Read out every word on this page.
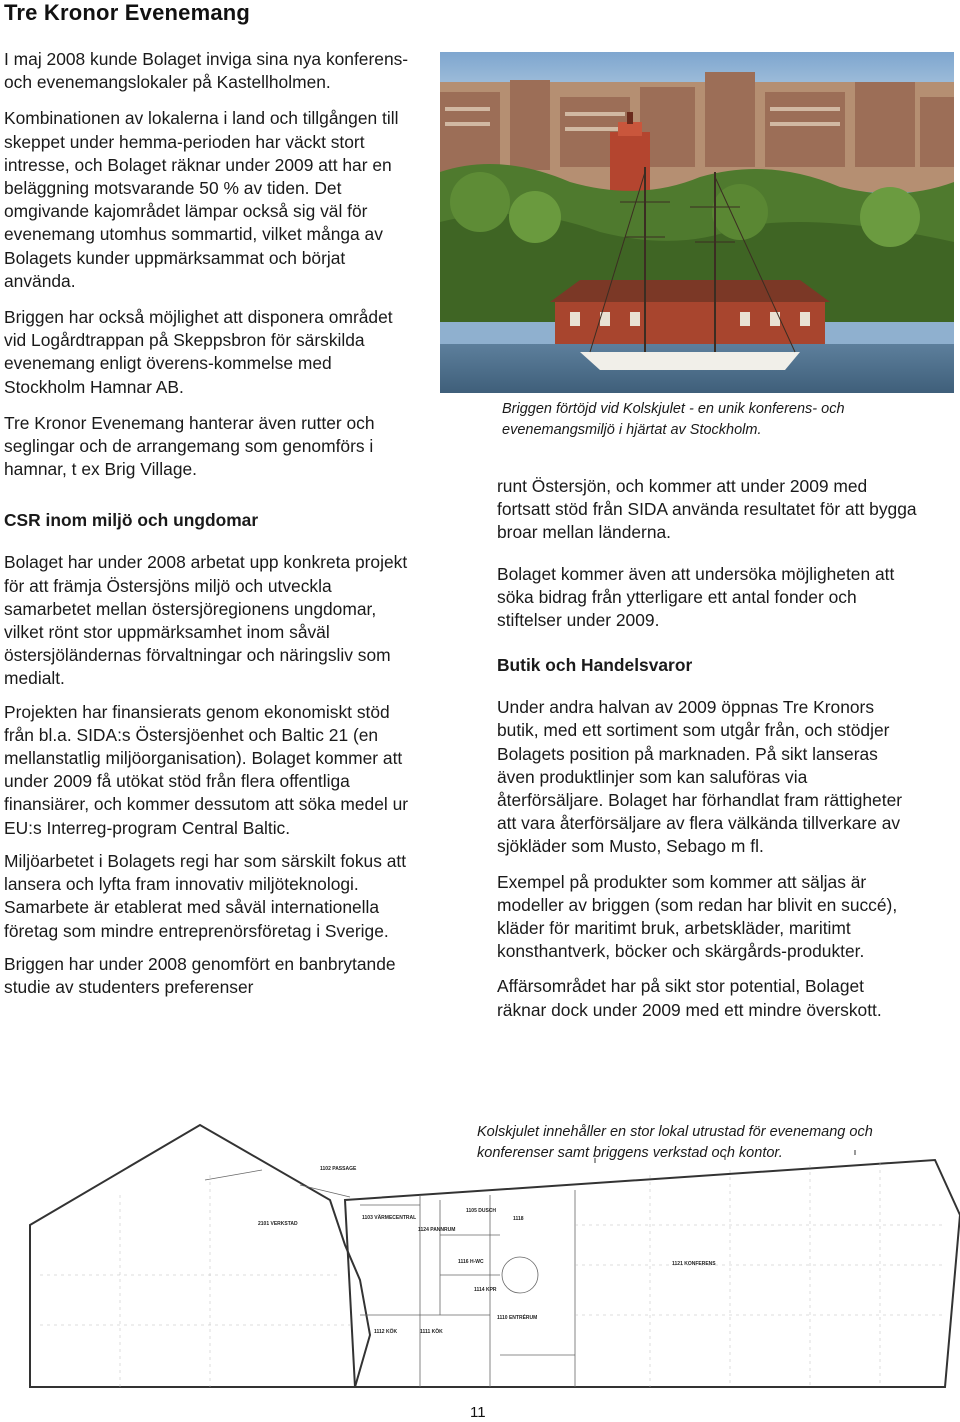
Tre Kronor Evenemang

I maj 2008 kunde Bolaget inviga sina nya konferens- och evenemangslokaler på Kastellholmen.

Kombinationen av lokalerna i land och tillgången till skeppet under hemma-perioden har väckt stort intresse, och Bolaget räknar under 2009 att har en beläggning motsvarande 50 % av tiden. Det omgivande kajområdet lämpar också sig väl för evenemang utomhus sommartid, vilket många av Bolagets kunder uppmärksammat och börjat använda.

Briggen har också möjlighet att disponera området vid Logårdtrappan på Skeppsbron för särskilda evenemang enligt överens-kommelse med Stockholm Hamnar AB.

Tre Kronor Evenemang hanterar även rutter och seglingar och de arrangemang som genomförs i hamnar, t ex Brig Village.

CSR inom miljö och ungdomar

Bolaget har under 2008 arbetat upp konkreta projekt för att främja Östersjöns miljö och utveckla samarbetet mellan östersjöregionens ungdomar, vilket rönt stor uppmärksamhet inom såväl östersjöländernas förvaltningar och näringsliv som medialt.

Projekten har finansierats genom ekonomiskt stöd från bl.a. SIDA:s Östersjöenhet och Baltic 21 (en mellanstatlig miljöorganisation). Bolaget kommer att under 2009 få utökat stöd från flera offentliga finansiärer, och kommer dessutom att söka medel ur EU:s Interreg-program Central Baltic.

Miljöarbetet i Bolagets regi har som särskilt fokus att lansera och lyfta fram innovativ miljöteknologi. Samarbete är etablerat med såväl internationella företag som mindre entreprenörsföretag i Sverige.

Briggen har under 2008 genomfört en banbrytande studie av studenters preferenser

Briggen förtöjd vid Kolskjulet - en unik konferens- och evenemangsmiljö i hjärtat av Stockholm.

runt Östersjön, och kommer att under 2009 med fortsatt stöd från SIDA använda resultatet för att bygga broar mellan länderna.

Bolaget kommer även att undersöka möjligheten att söka bidrag från ytterligare ett antal fonder och stiftelser under 2009.

Butik och Handelsvaror

Under andra halvan av 2009 öppnas Tre Kronors butik, med ett sortiment som utgår från, och stödjer Bolagets position på marknaden. På sikt lanseras även produktlinjer som kan saluföras via återförsäljare. Bolaget har förhandlat fram rättigheter att vara återförsäljare av flera välkända tillverkare av sjökläder som Musto, Sebago m fl.

Exempel på produkter som kommer att säljas är modeller av briggen (som redan har blivit en succé), kläder för maritimt bruk, arbetskläder, maritimt konsthantverk, böcker och skärgårds-produkter.

Affärsområdet har på sikt stor potential, Bolaget räknar dock under 2009 med ett mindre överskott.

Kolskjulet innehåller en stor lokal utrustad för evenemang och konferenser samt briggens verkstad och kontor.
1102 PASSAGE
2101 VERKSTAD
1103 VÄRMECENTRAL
1124 PANNRUM
1105 DUSCH
1118
1121 KONFERENS
1116 H-WC
1114 KPR
1112 KÖK	1111 KÖK
1110 ENTRÉRUM
11
